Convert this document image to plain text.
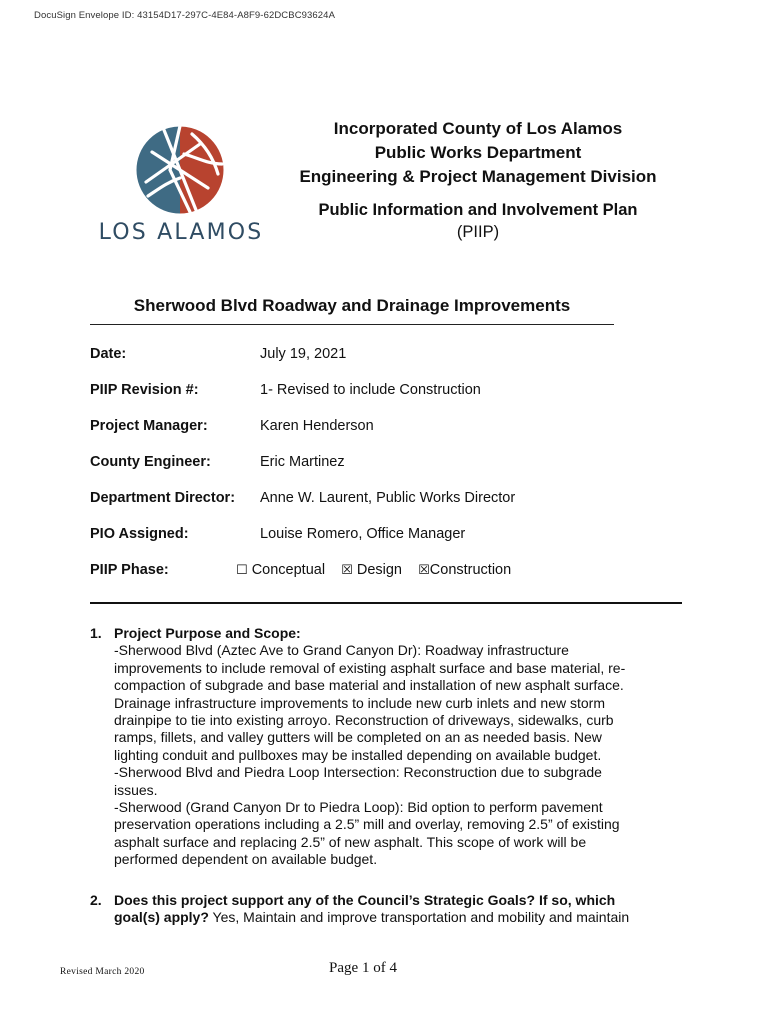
DocuSign Envelope ID: 43154D17-297C-4E84-A8F9-62DCBC93624A
LOS ALAMOS
Incorporated County of Los Alamos
Public Works Department
Engineering & Project Management Division
Public Information and Involvement Plan
(PIIP)
Sherwood Blvd Roadway and Drainage Improvements
Date:	July 19, 2021
PIIP Revision #:	1- Revised to include Construction
Project Manager:	Karen Henderson
County Engineer:	Eric Martinez
Department Director: Anne W. Laurent, Public Works Director
PIO Assigned:	Louise Romero, Office Manager
PIIP Phase:	☐ Conceptual ☒ Design ☒Construction
1. Project Purpose and Scope:
-Sherwood Blvd (Aztec Ave to Grand Canyon Dr): Roadway infrastructure
improvements to include removal of existing asphalt surface and base material, re-
compaction of subgrade and base material and installation of new asphalt surface.
Drainage infrastructure improvements to include new curb inlets and new storm
drainpipe to tie into existing arroyo. Reconstruction of driveways, sidewalks, curb
ramps, fillets, and valley gutters will be completed on an as needed basis. New
lighting conduit and pullboxes may be installed depending on available budget.
-Sherwood Blvd and Piedra Loop Intersection: Reconstruction due to subgrade
issues.
-Sherwood (Grand Canyon Dr to Piedra Loop): Bid option to perform pavement
preservation operations including a 2.5” mill and overlay, removing 2.5” of existing
asphalt surface and replacing 2.5” of new asphalt. This scope of work will be
performed dependent on available budget.
2. Does this project support any of the Council’s Strategic Goals? If so, which
goal(s) apply? Yes, Maintain and improve transportation and mobility and maintain
Revised March 2020	Page 1 of 4
